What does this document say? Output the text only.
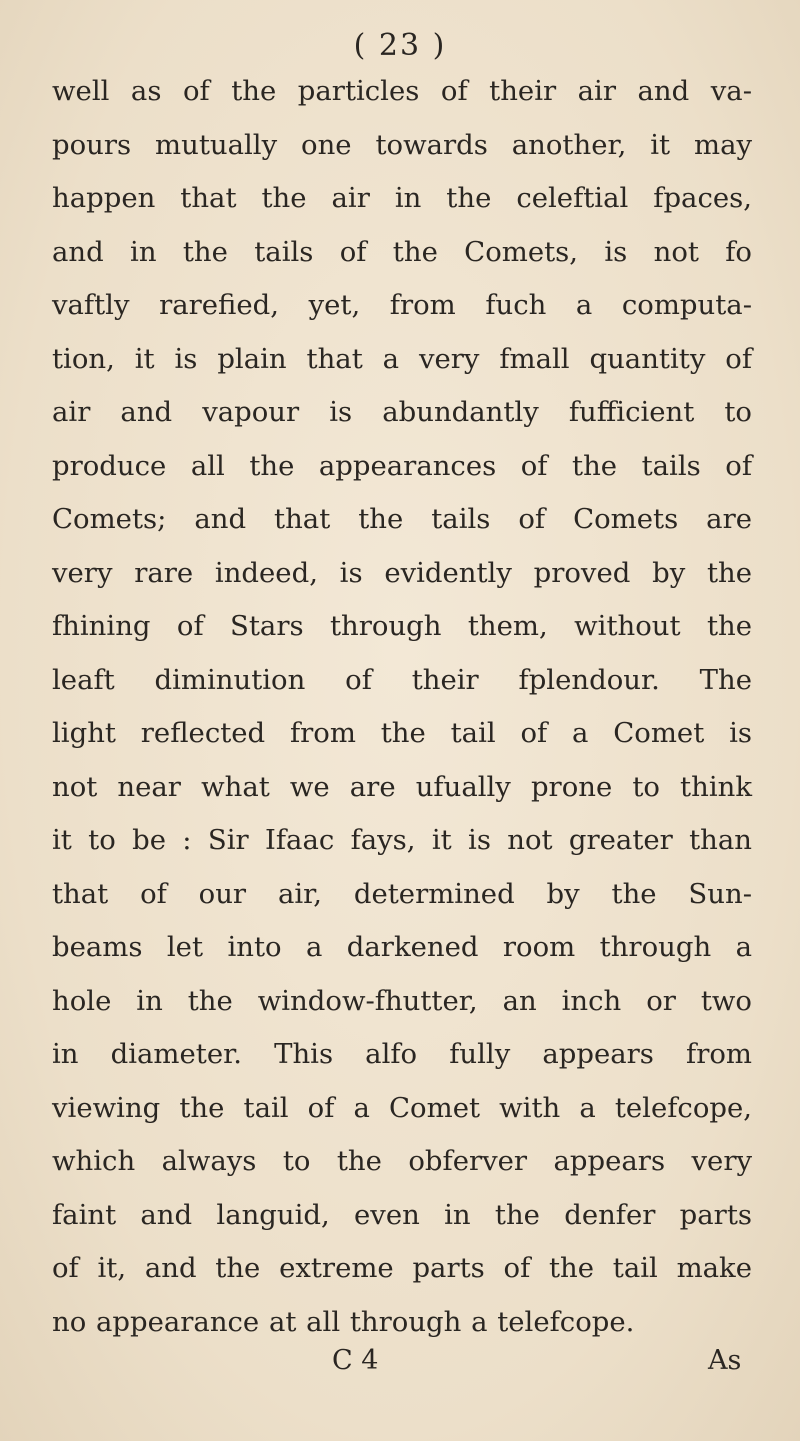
( 23 )
well as of the particles of their air and va-
pours mutually one towards another, it may
happen that the air in the celeftial fpaces,
and in the tails of the Comets, is not fo
vaftly rarefied, yet, from fuch a computa-
tion, it is plain that a very fmall quantity of
air and vapour is abundantly fufficient to
produce all the appearances of the tails of
Comets; and that the tails of Comets are
very rare indeed, is evidently proved by the
fhining of Stars through them, without the
leaft diminution of their fplendour. The
light reflected from the tail of a Comet is
not near what we are ufually prone to think
it to be : Sir Ifaac fays, it is not greater than
that of our air, determined by the Sun-
beams let into a darkened room through a
hole in the window-fhutter, an inch or two
in diameter. This alfo fully appears from
viewing the tail of a Comet with a telefcope,
which always to the obferver appears very
faint and languid, even in the denfer parts
of it, and the extreme parts of the tail make
no appearance at all through a telefcope.
C 4	As
